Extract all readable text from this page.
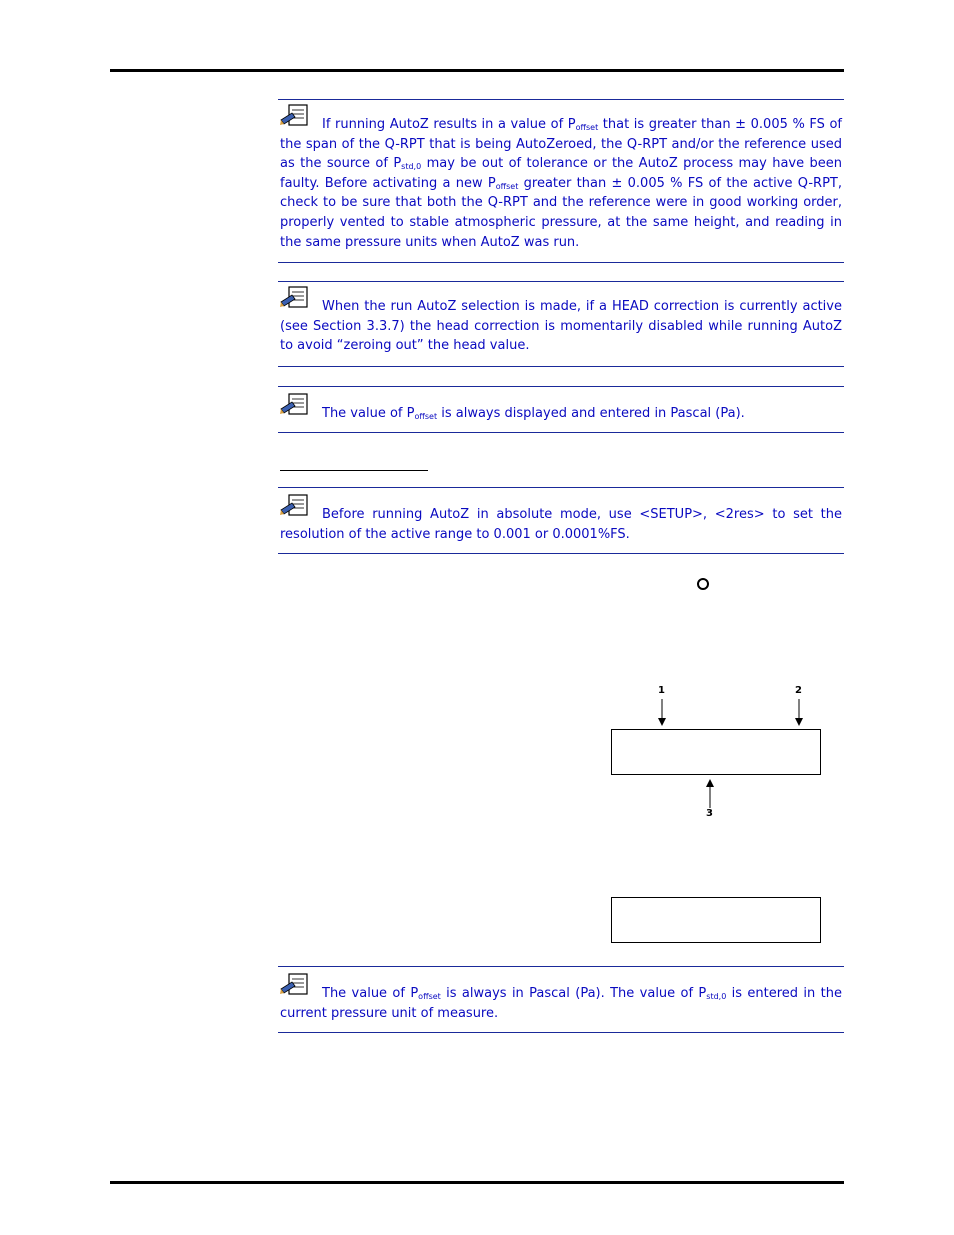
If running AutoZ results in a value of $P_{offset}$ that is greater than ± 0.005 % FS of the span of the Q-RPT that is being AutoZeroed, the Q-RPT and/or the reference used as the source of $P_{std,0}$ may be out of tolerance or the AutoZ process may have been faulty. Before activating a new $P_{offset}$ greater than ± 0.005 % FS of the active Q-RPT, check to be sure that both the Q-RPT and the reference were in good working order, properly vented to stable atmospheric pressure, at the same height, and reading in the same pressure units when AutoZ was run.

When the run AutoZ selection is made, if a HEAD correction is currently active (see Section 3.3.7) the head correction is momentarily disabled while running AutoZ to avoid “zeroing out” the head value.

The value of $P_{offset}$ is always displayed and entered in Pascal (Pa).

Before running AutoZ in absolute mode, use <SETUP>, <2res> to set the resolution of the active range to 0.001 or 0.0001%FS.

1	2
3

The value of $P_{offset}$ is always in Pascal (Pa). The value of $P_{std,0}$ is entered in the current pressure unit of measure.
